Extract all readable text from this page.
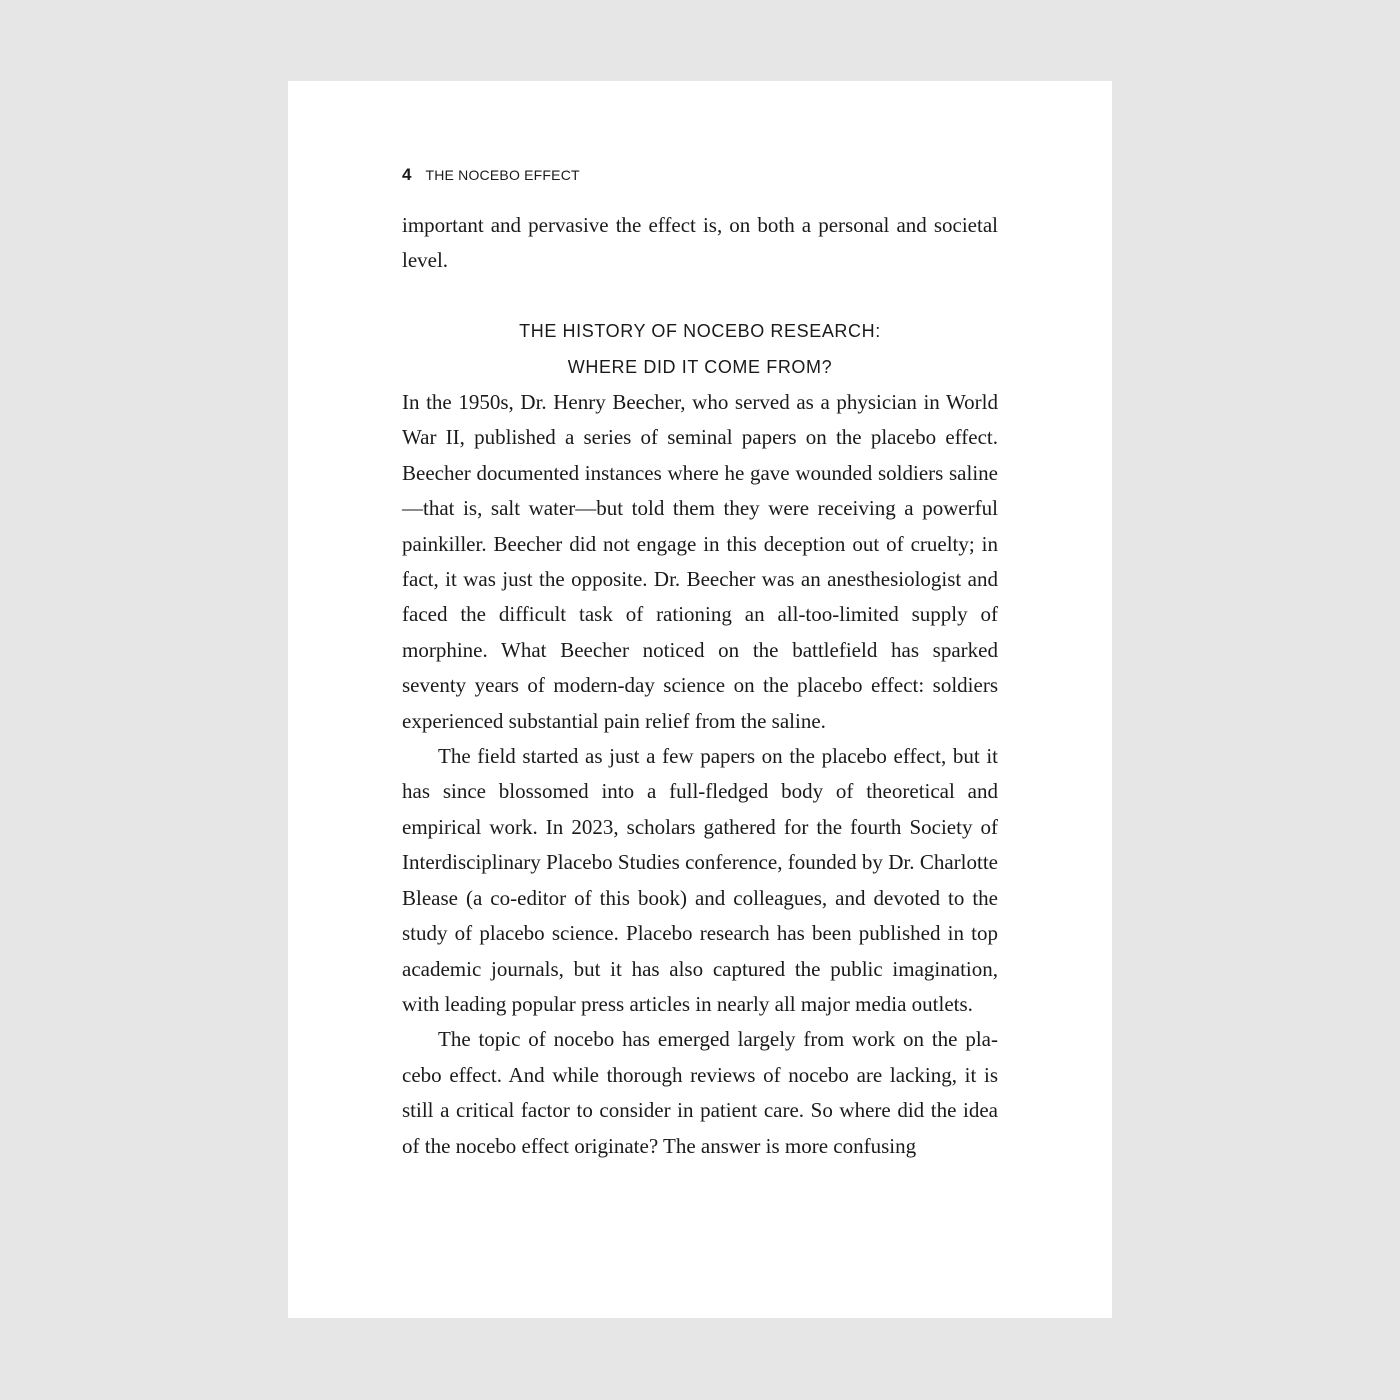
4 THE NOCEBO EFFECT

important and pervasive the effect is, on both a personal and societal level.

THE HISTORY OF NOCEBO RESEARCH:
WHERE DID IT COME FROM?

In the 1950s, Dr. Henry Beecher, who served as a physician in World War II, published a series of seminal papers on the placebo effect. Beecher documented instances where he gave wounded soldiers saline—that is, salt water—but told them they were receiving a powerful painkiller. Beecher did not engage in this deception out of cruelty; in fact, it was just the opposite. Dr. Beecher was an anesthesiologist and faced the difficult task of rationing an all-too-limited supply of morphine. What Beecher noticed on the battlefield has sparked seventy years of modern-day science on the placebo effect: soldiers experienced substantial pain relief from the saline.

The field started as just a few papers on the placebo effect, but it has since blossomed into a full-fledged body of theoretical and empirical work. In 2023, scholars gathered for the fourth Society of Interdisciplinary Placebo Studies conference, founded by Dr. Charlotte Blease (a co-editor of this book) and colleagues, and devoted to the study of placebo science. Placebo research has been published in top academic journals, but it has also captured the public imagination, with leading popular press articles in nearly all major media outlets.

The topic of nocebo has emerged largely from work on the placebo effect. And while thorough reviews of nocebo are lacking, it is still a critical factor to consider in patient care. So where did the idea of the nocebo effect originate? The answer is more confusing
